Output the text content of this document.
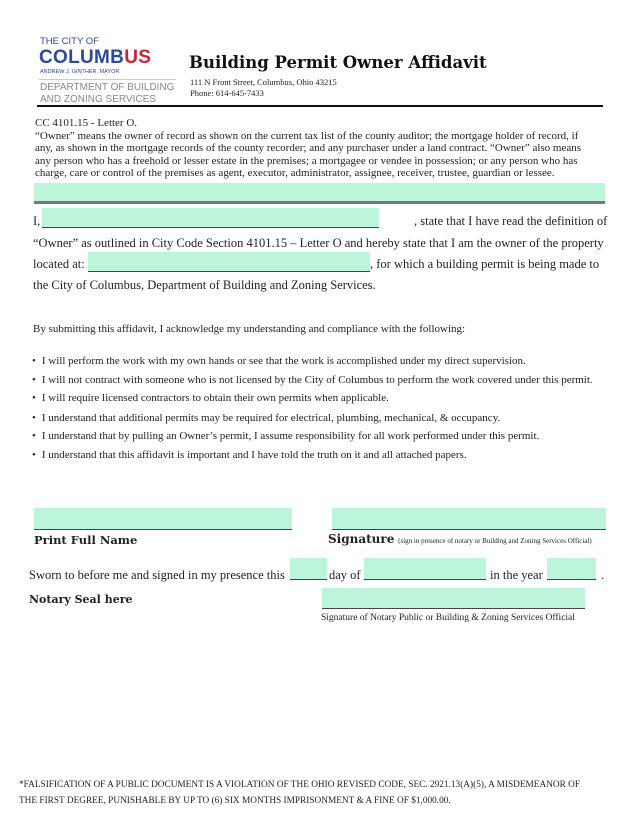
THE CITY OF
COLUMBUS
ANDREW J. GINTHER, MAYOR
DEPARTMENT OF BUILDING
AND ZONING SERVICES
Building Permit Owner Affidavit
111 N Front Street, Columbus, Ohio 43215
Phone: 614-645-7433
CC 4101.15 - Letter O.
“Owner” means the owner of record as shown on the current tax list of the county auditor; the mortgage holder of record, if
any, as shown in the mortgage records of the county recorder; and any purchaser under a land contract. “Owner” also means
any person who has a freehold or lesser estate in the premises; a mortgagee or vendee in possession; or any person who has
charge, care or control of the premises as agent, executor, administrator, assignee, receiver, trustee, guardian or lessee.
I,	, state that I have read the definition of
“Owner” as outlined in City Code Section 4101.15 – Letter O and hereby state that I am the owner of the property
located at:	, for which a building permit is being made to
the City of Columbus, Department of Building and Zoning Services.
By submitting this affidavit, I acknowledge my understanding and compliance with the following:
• I will perform the work with my own hands or see that the work is accomplished under my direct supervision.
• I will not contract with someone who is not licensed by the City of Columbus to perform the work covered under this permit.
• I will require licensed contractors to obtain their own permits when applicable.
• I understand that additional permits may be required for electrical, plumbing, mechanical, & occupancy.
• I understand that by pulling an Owner’s permit, I assume responsibility for all work performed under this permit.
• I understand that this affidavit is important and I have told the truth on it and all attached papers.
Print Full Name	Signature (sign in presence of notary or Building and Zoning Services Official)
Sworn to before me and signed in my presence this	day of	in the year	.
Notary Seal here
Signature of Notary Public or Building & Zoning Services Official
*FALSIFICATION OF A PUBLIC DOCUMENT IS A VIOLATION OF THE OHIO REVISED CODE, SEC. 2921.13(A)(5), A MISDEMEANOR OF
THE FIRST DEGREE, PUNISHABLE BY UP TO (6) SIX MONTHS IMPRISONMENT & A FINE OF $1,000.00.
